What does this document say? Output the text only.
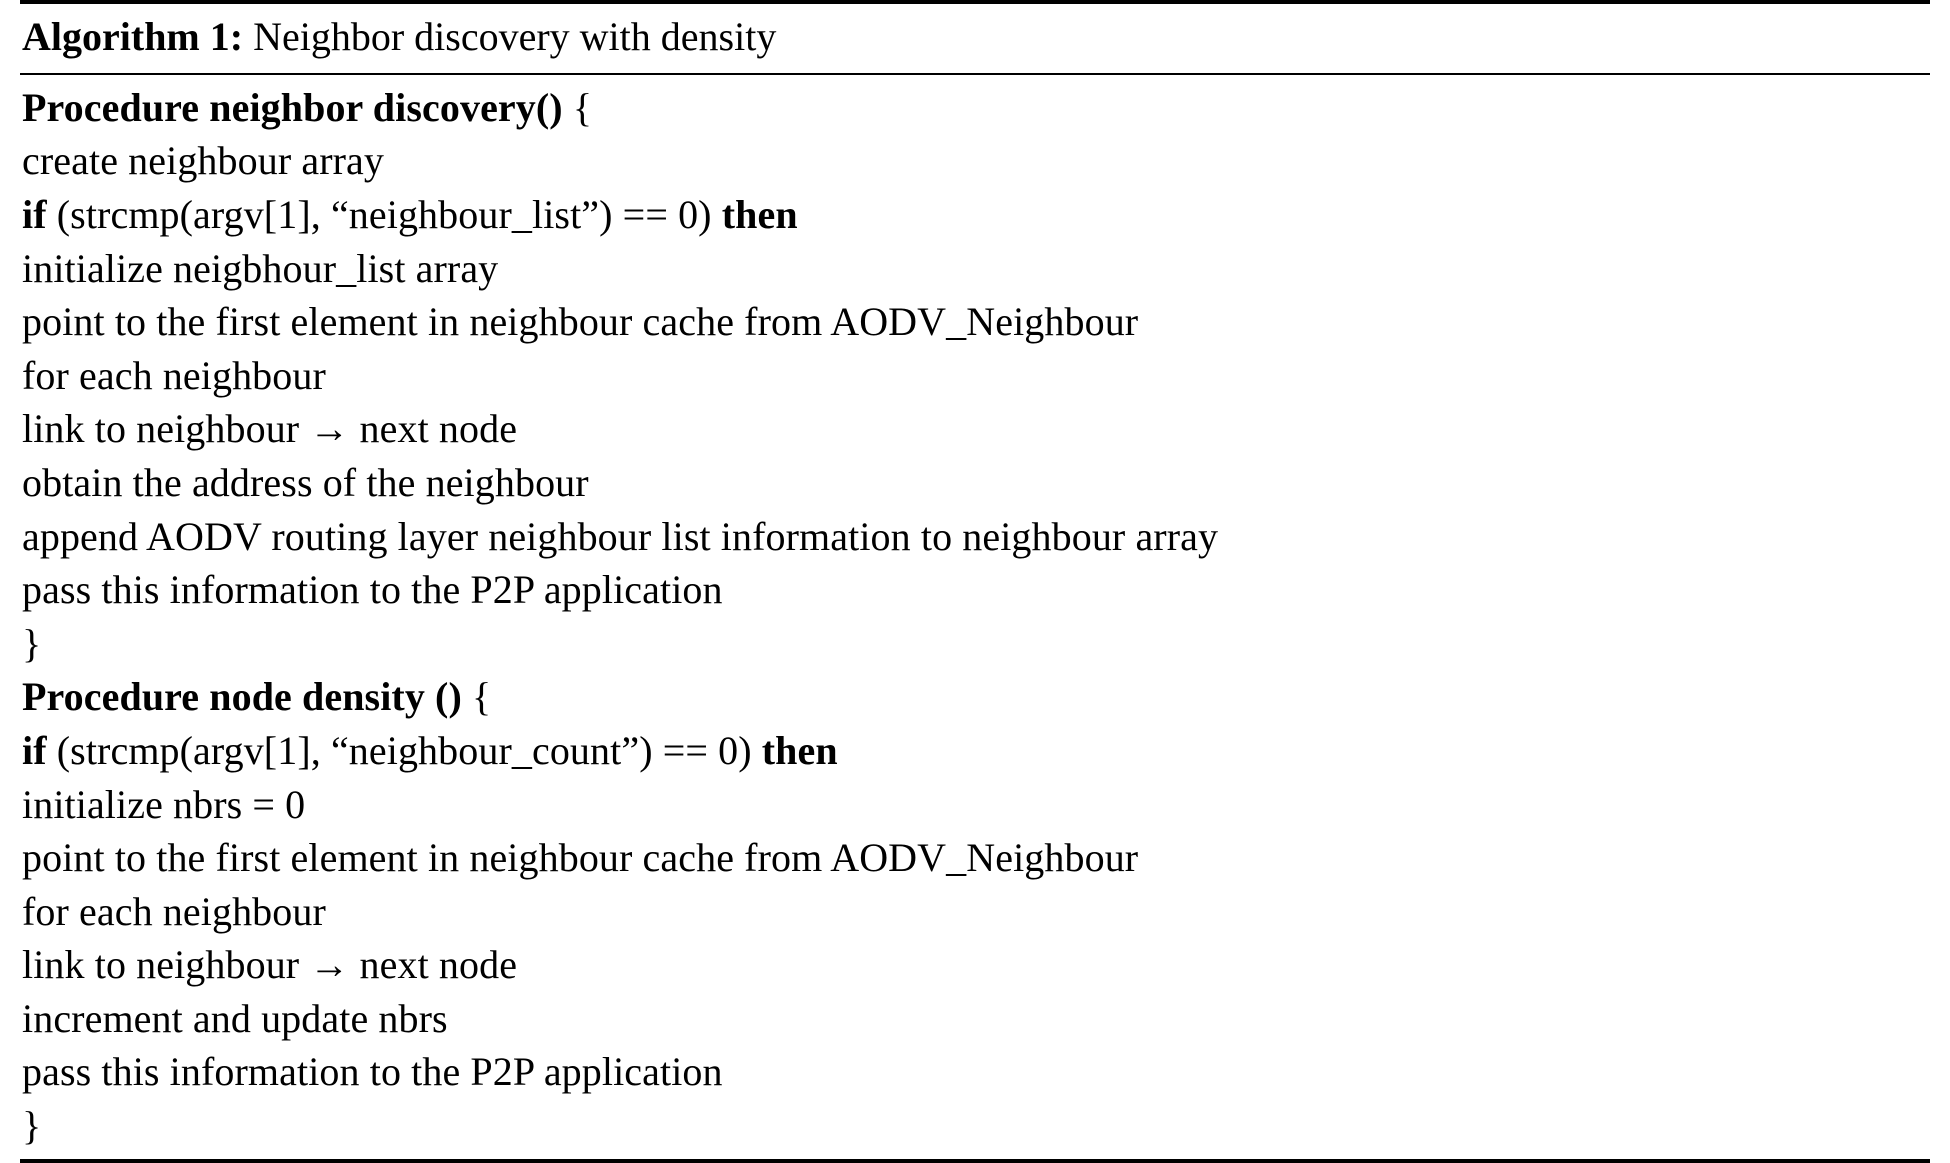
Algorithm 1: Neighbor discovery with density
Procedure neighbor discovery() {
create neighbour array
if (strcmp(argv[1], “neighbour_list”) == 0) then
initialize neigbhour_list array
point to the first element in neighbour cache from AODV_Neighbour
for each neighbour
link to neighbour → next node
obtain the address of the neighbour
append AODV routing layer neighbour list information to neighbour array
pass this information to the P2P application
}
Procedure node density () {
if (strcmp(argv[1], “neighbour_count”) == 0) then
initialize nbrs = 0
point to the first element in neighbour cache from AODV_Neighbour
for each neighbour
link to neighbour → next node
increment and update nbrs
pass this information to the P2P application
}
